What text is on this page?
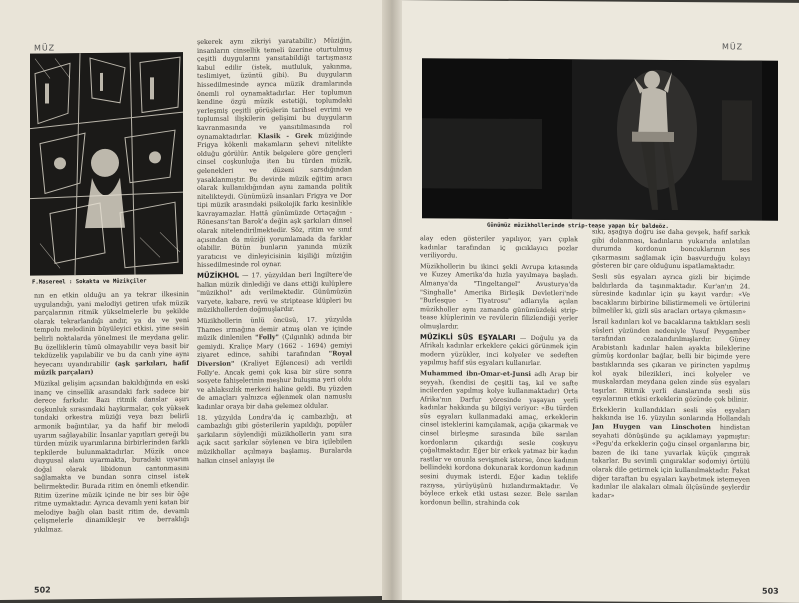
MÜZ
F.Masereel : Sokakta ve Müzikçiler

nın en etkin olduğu an ya tekrar ilkesinin uygulandığı, yani melodiyi getiren ufak müzik parçalarının ritmik yükselmelerle bu şekilde olarak tekrarlandığı andır, ya da ve yeni tempolu melodinin büyüleyici etkisi, yine sesin belirli noktalarda yönelmesi ile meydana gelir. Bu özelliklerin tümü olmayabilir veya basit bir tekdüzelik yapılabilir ve bu da canlı yine aynı heyecanı uyandırabilir (aşk şarkıları, hafif müzik parçaları)

Müzikal gelişim açısından bakıldığında en eski inanç ve cinsellik arasındaki fark sadece bir derece farkıdır. Bazı ritmik danslar aşırı coşkunluk sırasındaki haykırmalar, çok yüksek tondaki orkestra müziği veya bazı belirli armonik bağıntılar, ya da hafif bir melodi uyarım sağlayabilir. İnsanlar yapıtları gereği bu türden müzik uyarımlarına birbirlerinden farklı tepkilerde bulunmaktadırlar. Müzik once duygusal alanı uyarmakta, buradaki uyarım doğal olarak libidonun cantonmasını sağlamakta ve bundan sonra cinsel istek belirmektedir. Burada ritim en önemli etkendir. Ritim üzerine müzik içinde ne bir ses bir öğe ritme uymaktadır. Ayrıca devamlı yeni katan bir melodiye bağlı olan basit ritim de, devamlı çelişmelerle dinamikleşir ve berraklığı yıkılmaz.

şekerek aynı zikriyi yaratabilir.) Müziğin, insanların cinsellik temeli üzerine oturtulmuş çeşitli duygularını yansıtabildiği tartışmasız kabul edilir (istek, mutluluk, yakınma, teslimiyet, üzüntü gibi). Bu duyguların hissedilmesinde ayrıca müzik dramlarında önemli rol oynamaktadırlar. Her toplumun kendine özgü müzik estetiği, toplumdaki yerleşmiş çeşitli görüşlerin tarihsel evrimi ve toplumsal ilişkilerin gelişimi bu duyguların kavranmasında ve yansıtılmasında rol oynamaktadırlar. Klasik - Grek müziğinde Frigya kökenli makamların şehevi nitelikte olduğu görülür. Antik belgelere göre gençleri cinsel coşkunluğa iten bu türden müzik, gelenekleri ve düzeni sarsdığından yasaklanmıştır. Bu devirde müzik eğitim aracı olarak kullanıldığından aynı zamanda politik nitelikteydi. Günümüzü insanları Frigya ve Dor tipi müzik arasındaki psikolojik farkı kesinlikle kavrayamazlar. Hattâ günümüzde Ortaçağın - Rönesans'tan Barok'a değin aşk şarkıları dinsel olarak nitelendirilmektedir. Söz, ritim ve sınıf açısından da müziği yorumlamada da farklar olabilir. Bütün bunların yanında müzik yaratıcısı ve dinleyicisinin kişiliği müziğin hissedilmesinde rol oynar.

MÜZİKHOL — 17. yüzyıldan beri İngiltere'de halkın müzik dinlediği ve dans ettiği kulüplere "müzikhol" adı verilmektedir. Günümüzün varyete, kabare, revü ve striptease klüpleri bu müzikhollerden doğmuşlardır.

Müzikhollerin ünlü öncüsü, 17. yüzyılda Thames ırmağına demir atmış olan ve içinde müzik dinlenilen "Folly" (Çılgınlık) adında bir gemiydi. Kraliçe Mary (1662 - 1694) gemiyi ziyaret edince, sahibi tarafından "Royal Diversion" (Kraliyet Eğlencesi) adı verildi Folly'e. Ancak gemi çok kısa bir süre sonra sosyete fahişelerinin meşhur buluşma yeri oldu ve ahlaksızlık merkezi haline geldi. Bu yüzden de amaçları yalnızca eğlenmek olan namuslu kadınlar oraya bir daha gelemez oldular.

18. yüzyılda Londra'da iç cambazlığı, at cambazlığı gibi gösterilerin yapıldığı, popüler şarkıların söylendiği müzikhollerin yanı sıra açık sacıt şarkılar söylenen ve bira içilebilen müzikhollar açılmaya başlamış. Buralarda halkın cinsel anlayışı ile

502
MÜZ
Günümüz müzikhollerinde strip-tease yapan bir baldeöz.

alay eden gösteriler yapılıyor, yarı çıplak kadınlar tarafından iç gıcıklayıcı pozlar veriliyordu.

Müzikhollerin bu ikinci şekli Avrupa kıtasında ve Kuzey Amerika'da hızla yayılmaya başladı. Almanya'da "Tingeltangel" Avusturya'da "Singhalle" Amerika Birleşik Devletleri'nde "Burlesque - Tiyatrosu" adlarıyla açılan müzikholler aynı zamanda günümüzdeki strip-tease klüplerinin ve revülerin filizlendiği yerler olmuşlardır.

MÜZİKLİ SÜS EŞYALARI — Doğulu ya da Afrikalı kadınlar erkeklere çekici görünmek için modern yüzükler, inci kolyeler ve sedeften yapılmış hafif süs eşyaları kullanırlar.

Muhammed ibn-Omar-et-Junsi adlı Arap bir seyyah, (kendisi de çeşitli taş, kıl ve safte incilerden yapılmış kolye kullanmaktadır) Orta Afrika'nın Darfur yöresinde yaşayan yerli kadınlar hakkında şu bilgiyi veriyor: «Bu türden süs eşyaları kullanmadaki amaç, erkeklerin cinsel isteklerini kamçılamak, açığa çıkarmak ve cinsel birleşme sırasında bile sarılan kordonların çıkardığı sesle coşkuyu çoğaltmaktadır. Eğer bir erkek yatmaz bir kadın rastlar ve onunla sevişmek isterse, önce kadının bellindeki kordona dokunarak kordonun kadının sesini duymak isterdi. Eğer kadın teklife razıysa, yürüyüşünü hızlandırmaktadır. Ve böylece erkek etki ustası sezer. Bele sarılan kordonun bellin, strahinda cok

sıkı, aşağıya doğru ise daha gevşek, hafif sarkık gibi dolanması, kadınların yukarıda anlatılan durumda kordonun boncuklarının ses çıkarmasını sağlamak için basvurduğu kolayı gösteren bir çare olduğunu ispatlamaktadır.

Sesli süs eşyaları ayrıca gizli bir biçimde baldırlarda da taşınmaktadır. Kur'an'ın 24. süresinde kadınlar için şu kayıt vardır: «Ve bacaklarını birbirine bilistirmemeli ve örtülerini bilmeliler ki, gizli süs aracları ortaya çıkmasın»

İsrail kadınları kol ve bacaklarına taktıkları sesli süsleri yüzünden nedeniyle Yusuf Peygamber tarafından cezalandırılmışlardır. Güney Arabistanlı kadınlar halen ayakta bileklerine gümüş kordonlar bağlar, belli bir biçimde yere bastıklarında ses çıkaran ve pirincten yapılmış kol ayak bilezikleri, inci kolyeler ve muskalardan meydana gelen zinde süs eşyaları taşırlar. Ritmik yerli danslarında sesli süs eşyalarının etkisi erkeklerin gözünde çok bilinir.

Erkeklerin kullandıkları sesli süs eşyaları hakkında ise 16. yüzyılın sonlarında Hollandalı Jan Huygen van Linschoten hindistan seyahati dönüşünde şu açıklamayı yapmıştır: «Pegu'da erkeklerin çoğu cinsel organlarına bir, bazen de iki tane yuvarlak küçük çıngırak takarlar. Bu sevimli çıngıraklar sodomiyi örtülü olarak dile getirmek için kullanılmaktadır. Fakat diğer taraftan bu eşyaları kaybetmek istemeyen kadınlar ile alakaları olmalı ölçüsünde şeylerdir kadar»

503
